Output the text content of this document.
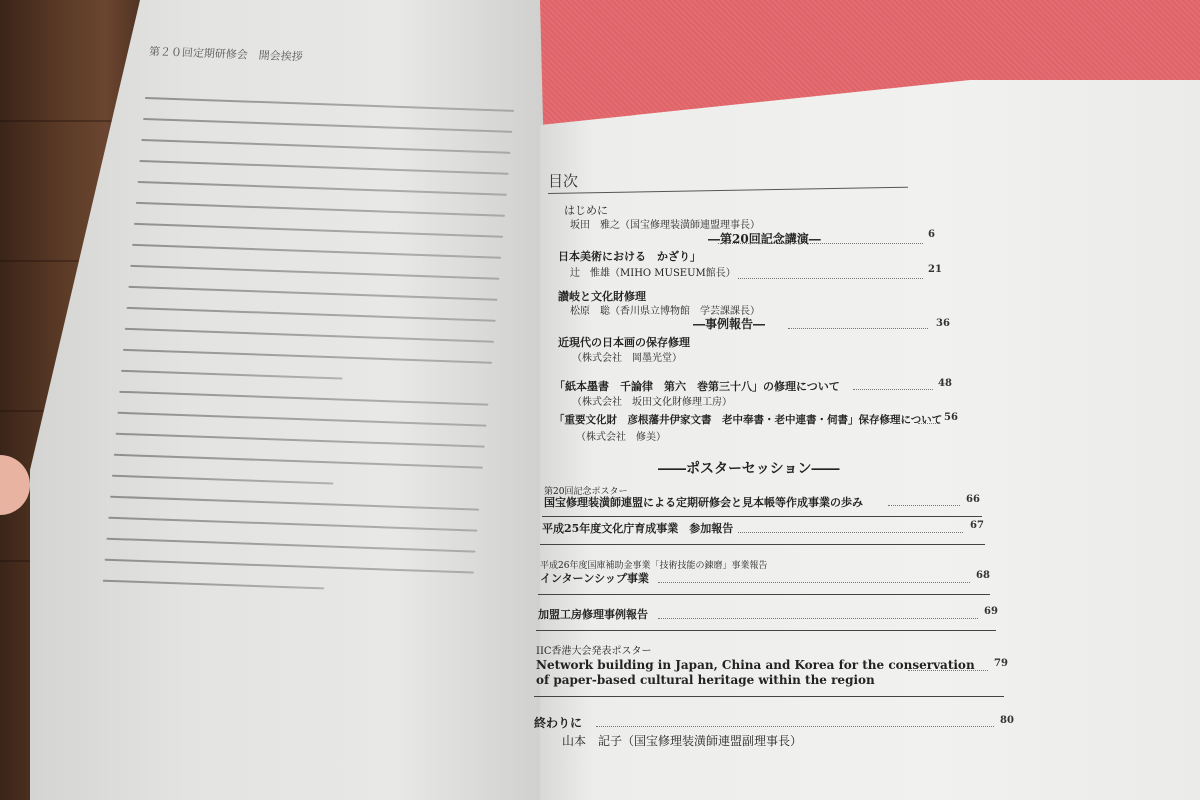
第２０回定期研修会　開会挨拶
目次
はじめに
坂田　雅之（国宝修理装潢師連盟理事長）
―第20回記念講演―	6
日本美術における　かざり」
辻　惟雄（MIHO MUSEUM館長）	21
讃岐と文化財修理
松原　聡（香川県立博物館　学芸課課長）
―事例報告―	36
近現代の日本画の保存修理
（株式会社　岡墨光堂）
「紙本墨書　千論律　第六　巻第三十八」の修理について	48
（株式会社　坂田文化財修理工房）
「重要文化財　彦根藩井伊家文書　老中奉書・老中連書・伺書」保存修理について 56
（株式会社　修美）
――ポスターセッション――
第20回記念ポスター
国宝修理装潢師連盟による定期研修会と見本帳等作成事業の歩み	66
平成25年度文化庁育成事業　参加報告	67
平成26年度国庫補助金事業「技術技能の錬磨」事業報告
インターンシップ事業	68
加盟工房修理事例報告	69
IIC香港大会発表ポスター
Network building in Japan, China and Korea for the conservation 79
of paper-based cultural heritage within the region
終わりに	80
山本　記子（国宝修理装潢師連盟副理事長）
